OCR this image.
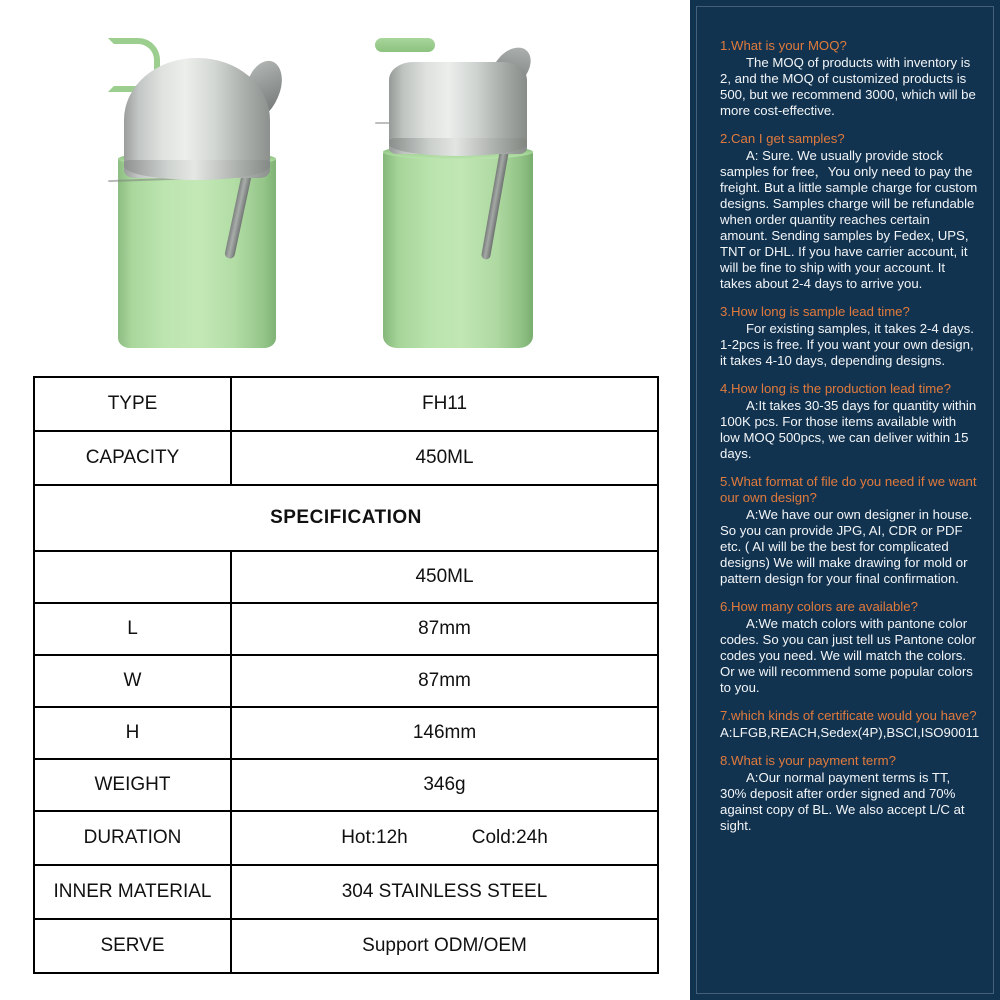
TYPE	FH11
CAPACITY	450ML
SPECIFICATION	
	450ML
L	87mm
W	87mm
H	146mm
WEIGHT	346g
DURATION	Hot:12h Cold:24h
INNER MATERIAL	304 STAINLESS STEEL
SERVE	Support ODM/OEM

1.What is your MOQ?

The MOQ of products with inventory is 2, and the MOQ of customized products is 500, but we recommend 3000, which will be more cost-effective.

2.Can I get samples?

A: Sure. We usually provide stock samples for free，You only need to pay the freight. But a little sample charge for custom designs. Samples charge will be refundable when order quantity reaches certain amount. Sending samples by Fedex, UPS, TNT or DHL. If you have carrier account, it will be fine to ship with your account. It takes about 2-4 days to arrive you.

3.How long is sample lead time?

For existing samples, it takes 2-4 days. 1-2pcs is free. If you want your own design, it takes 4-10 days, depending designs.

4.How long is the production lead time?

A:It takes 30-35 days for quantity within 100K pcs. For those items available with low MOQ 500pcs, we can deliver within 15 days.

5.What format of file do you need if we want our own design?

A:We have our own designer in house. So you can provide JPG, AI, CDR or PDF etc. ( AI will be the best for complicated designs) We will make drawing for mold or pattern design for your final confirmation.

6.How many colors are available?

A:We match colors with pantone color codes. So you can just tell us Pantone color codes you need. We will match the colors. Or we will recommend some popular colors to you.

7.which kinds of certificate would you have?

A:LFGB,REACH,Sedex(4P),BSCI,ISO90011

8.What is your payment term?

A:Our normal payment terms is TT, 30% deposit after order signed and 70% against copy of BL. We also accept L/C at sight.
